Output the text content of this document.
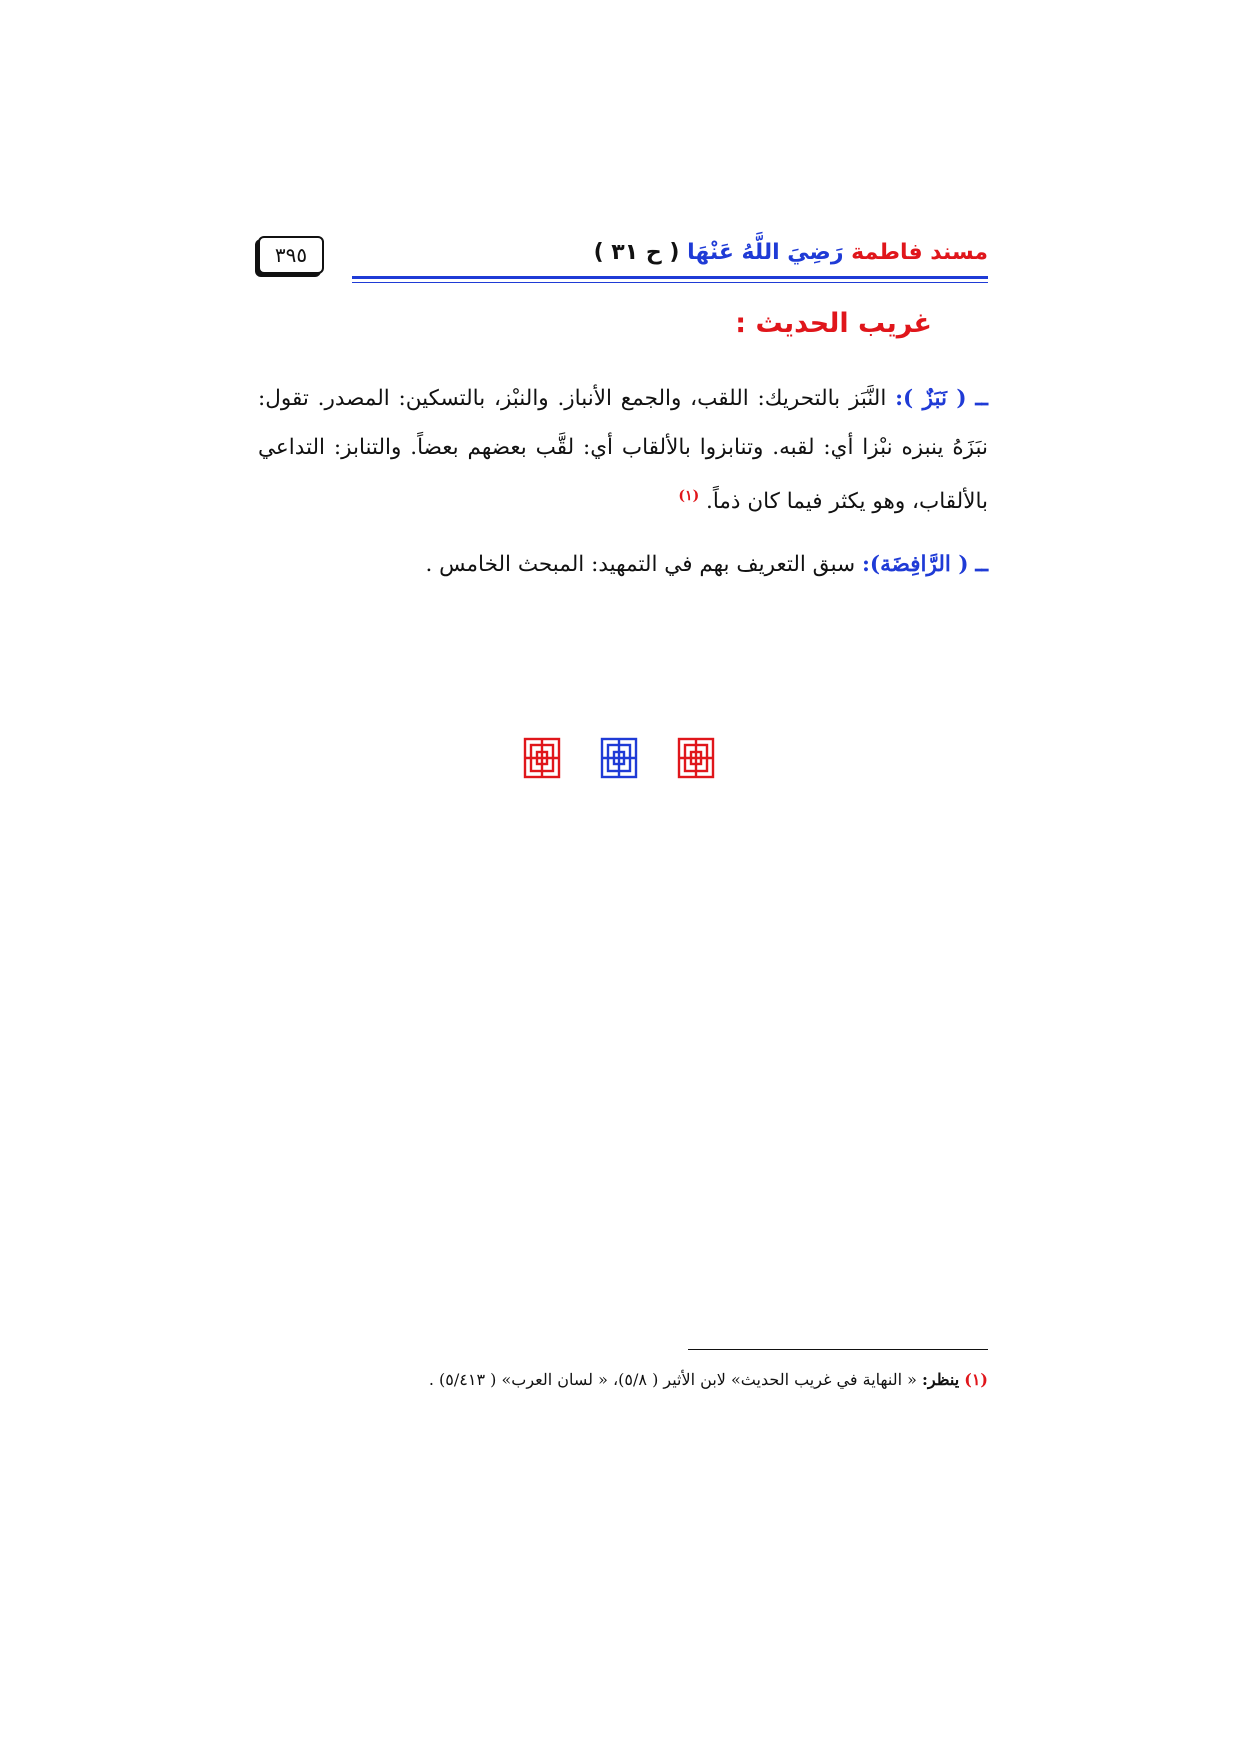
مسند فاطمة رَضِيَ اللَّهُ عَنْهَا ( ح ٣١ )
٣٩٥
غريب الحديث :

ــ ( نَبَزٌ ): النَّبَز بالتحريك: اللقب، والجمع الأنباز. والنبْز، بالتسكين: المصدر. تقول: نبَزَهُ ينبزه نبْزا أي: لقبه. وتنابزوا بالألقاب أي: لقَّب بعضهم بعضاً. والتنابز: التداعي بالألقاب، وهو يكثر فيما كان ذماً. $^{(١)}$

ــ ( الرَّافِضَة): سبق التعريف بهم في التمهيد: المبحث الخامس .

(١) ينظر: « النهاية في غريب الحديث» لابن الأثير ( ٥/٨)، « لسان العرب» ( ٥/٤١٣) .
